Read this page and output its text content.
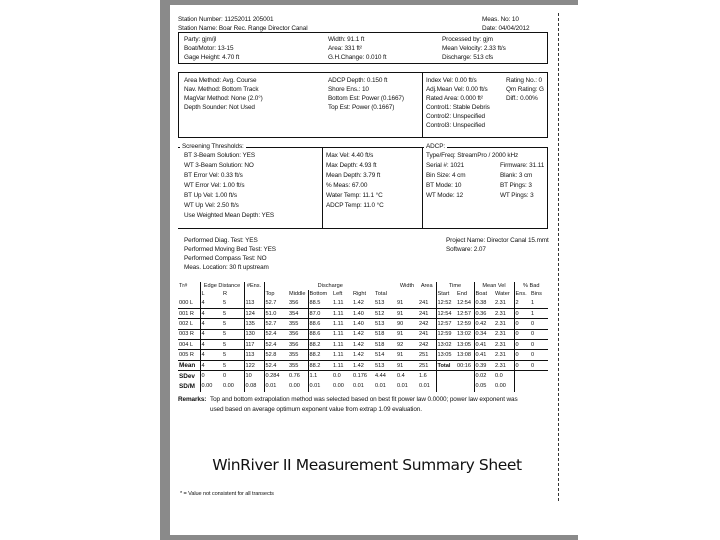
Station Number: 11252011 205001
Station Name: Boar Rec. Range Director Canal
Meas. No: 10
Date: 04/04/2012
Party: gjm/jl
Boat/Motor: 13-15
Gage Height: 4.70 ft
Width: 91.1 ft
Area: 331 ft²
G.H.Change: 0.010 ft
Processed by: gjm
Mean Velocity: 2.33 ft/s
Discharge: 513 cfs
Area Method: Avg. Course
Nav. Method: Bottom Track
MagVar Method: None (2.0°)
Depth Sounder: Not Used
ADCP Depth: 0.150 ft
Shore Ens.: 10
Bottom Est: Power (0.1667)
Top Est: Power (0.1667)
Index Vel: 0.00 ft/s
Adj.Mean Vel: 0.00 ft/s
Rated Area: 0.000 ft²
Control1: Stable Debris
Control2: Unspecified
Control3: Unspecified
Rating No.: 0
Qm Rating: G
Diff.: 0.00%
Screening Thresholds:	ADCP:
BT 3-Beam Solution: YES
WT 3-Beam Solution: NO
BT Error Vel: 0.33 ft/s
WT Error Vel: 1.00 ft/s
BT Up Vel: 1.00 ft/s
WT Up Vel: 2.50 ft/s
Use Weighted Mean Depth: YES
Max Vel: 4.40 ft/s
Max Depth: 4.93 ft
Mean Depth: 3.79 ft
% Meas: 67.00
Water Temp: 11.1 °C
ADCP Temp: 11.0 °C
Type/Freq: StreamPro / 2000 kHz
Serial #: 1021
Bin Size: 4 cm
BT Mode: 10
WT Mode: 12
Firmware: 31.11
Blank: 3 cm
BT Pings: 3
WT Pings: 3
Performed Diag. Test: YES
Performed Moving Bed Test: YES
Performed Compass Test: NO
Meas. Location: 30 ft upstream
Project Name: Director Canal 15.mmt
Software: 2.07
Tr#	Edge Distance		#Ens.	Discharge						Width	Area	Time		Mean Vel		% Bad	
	L	R		Top	Middle	Bottom	Left	Right	Total			Start	End	Boat	Water	Ens.	Bins
000 L	4	5	113	52.7	356	88.5	1.11	1.42	513	91	241	12:52	12:54	0.38	2.31	2	1
001 R	4	5	124	51.0	354	87.0	1.11	1.40	512	91	241	12:54	12:57	0.36	2.31	0	1
002 L	4	5	135	52.7	355	88.6	1.11	1.40	513	90	242	12:57	12:59	0.42	2.31	0	0
003 R	4	5	130	52.4	356	88.6	1.11	1.42	518	91	241	12:59	13:02	0.34	2.31	0	0
004 L	4	5	117	52.4	356	88.2	1.11	1.42	518	92	242	13:02	13:05	0.41	2.31	0	0
005 R	4	5	113	52.8	355	88.2	1.11	1.42	514	91	251	13:05	13:08	0.41	2.31	0	0
Mean	4	5	122	52.4	355	88.2	1.11	1.42	513	91	251	Total	00:16	0.39	2.31	0	0
SDev	0	0	10	0.284	0.76	1.1	0.0	0.176	4.44	0.4	1.6			0.02	0.0		
SD/M	0.00	0.00	0.08	0.01	0.00	0.01	0.00	0.01	0.01	0.01	0.01			0.05	0.00		
Remarks: Top and bottom extrapolation method was selected based on best fit power law 0.0000; power law exponent was
used based on average optimum exponent value from extrap 1.09 evaluation.
WinRiver II Measurement Summary Sheet
* = Value not consistent for all transects
